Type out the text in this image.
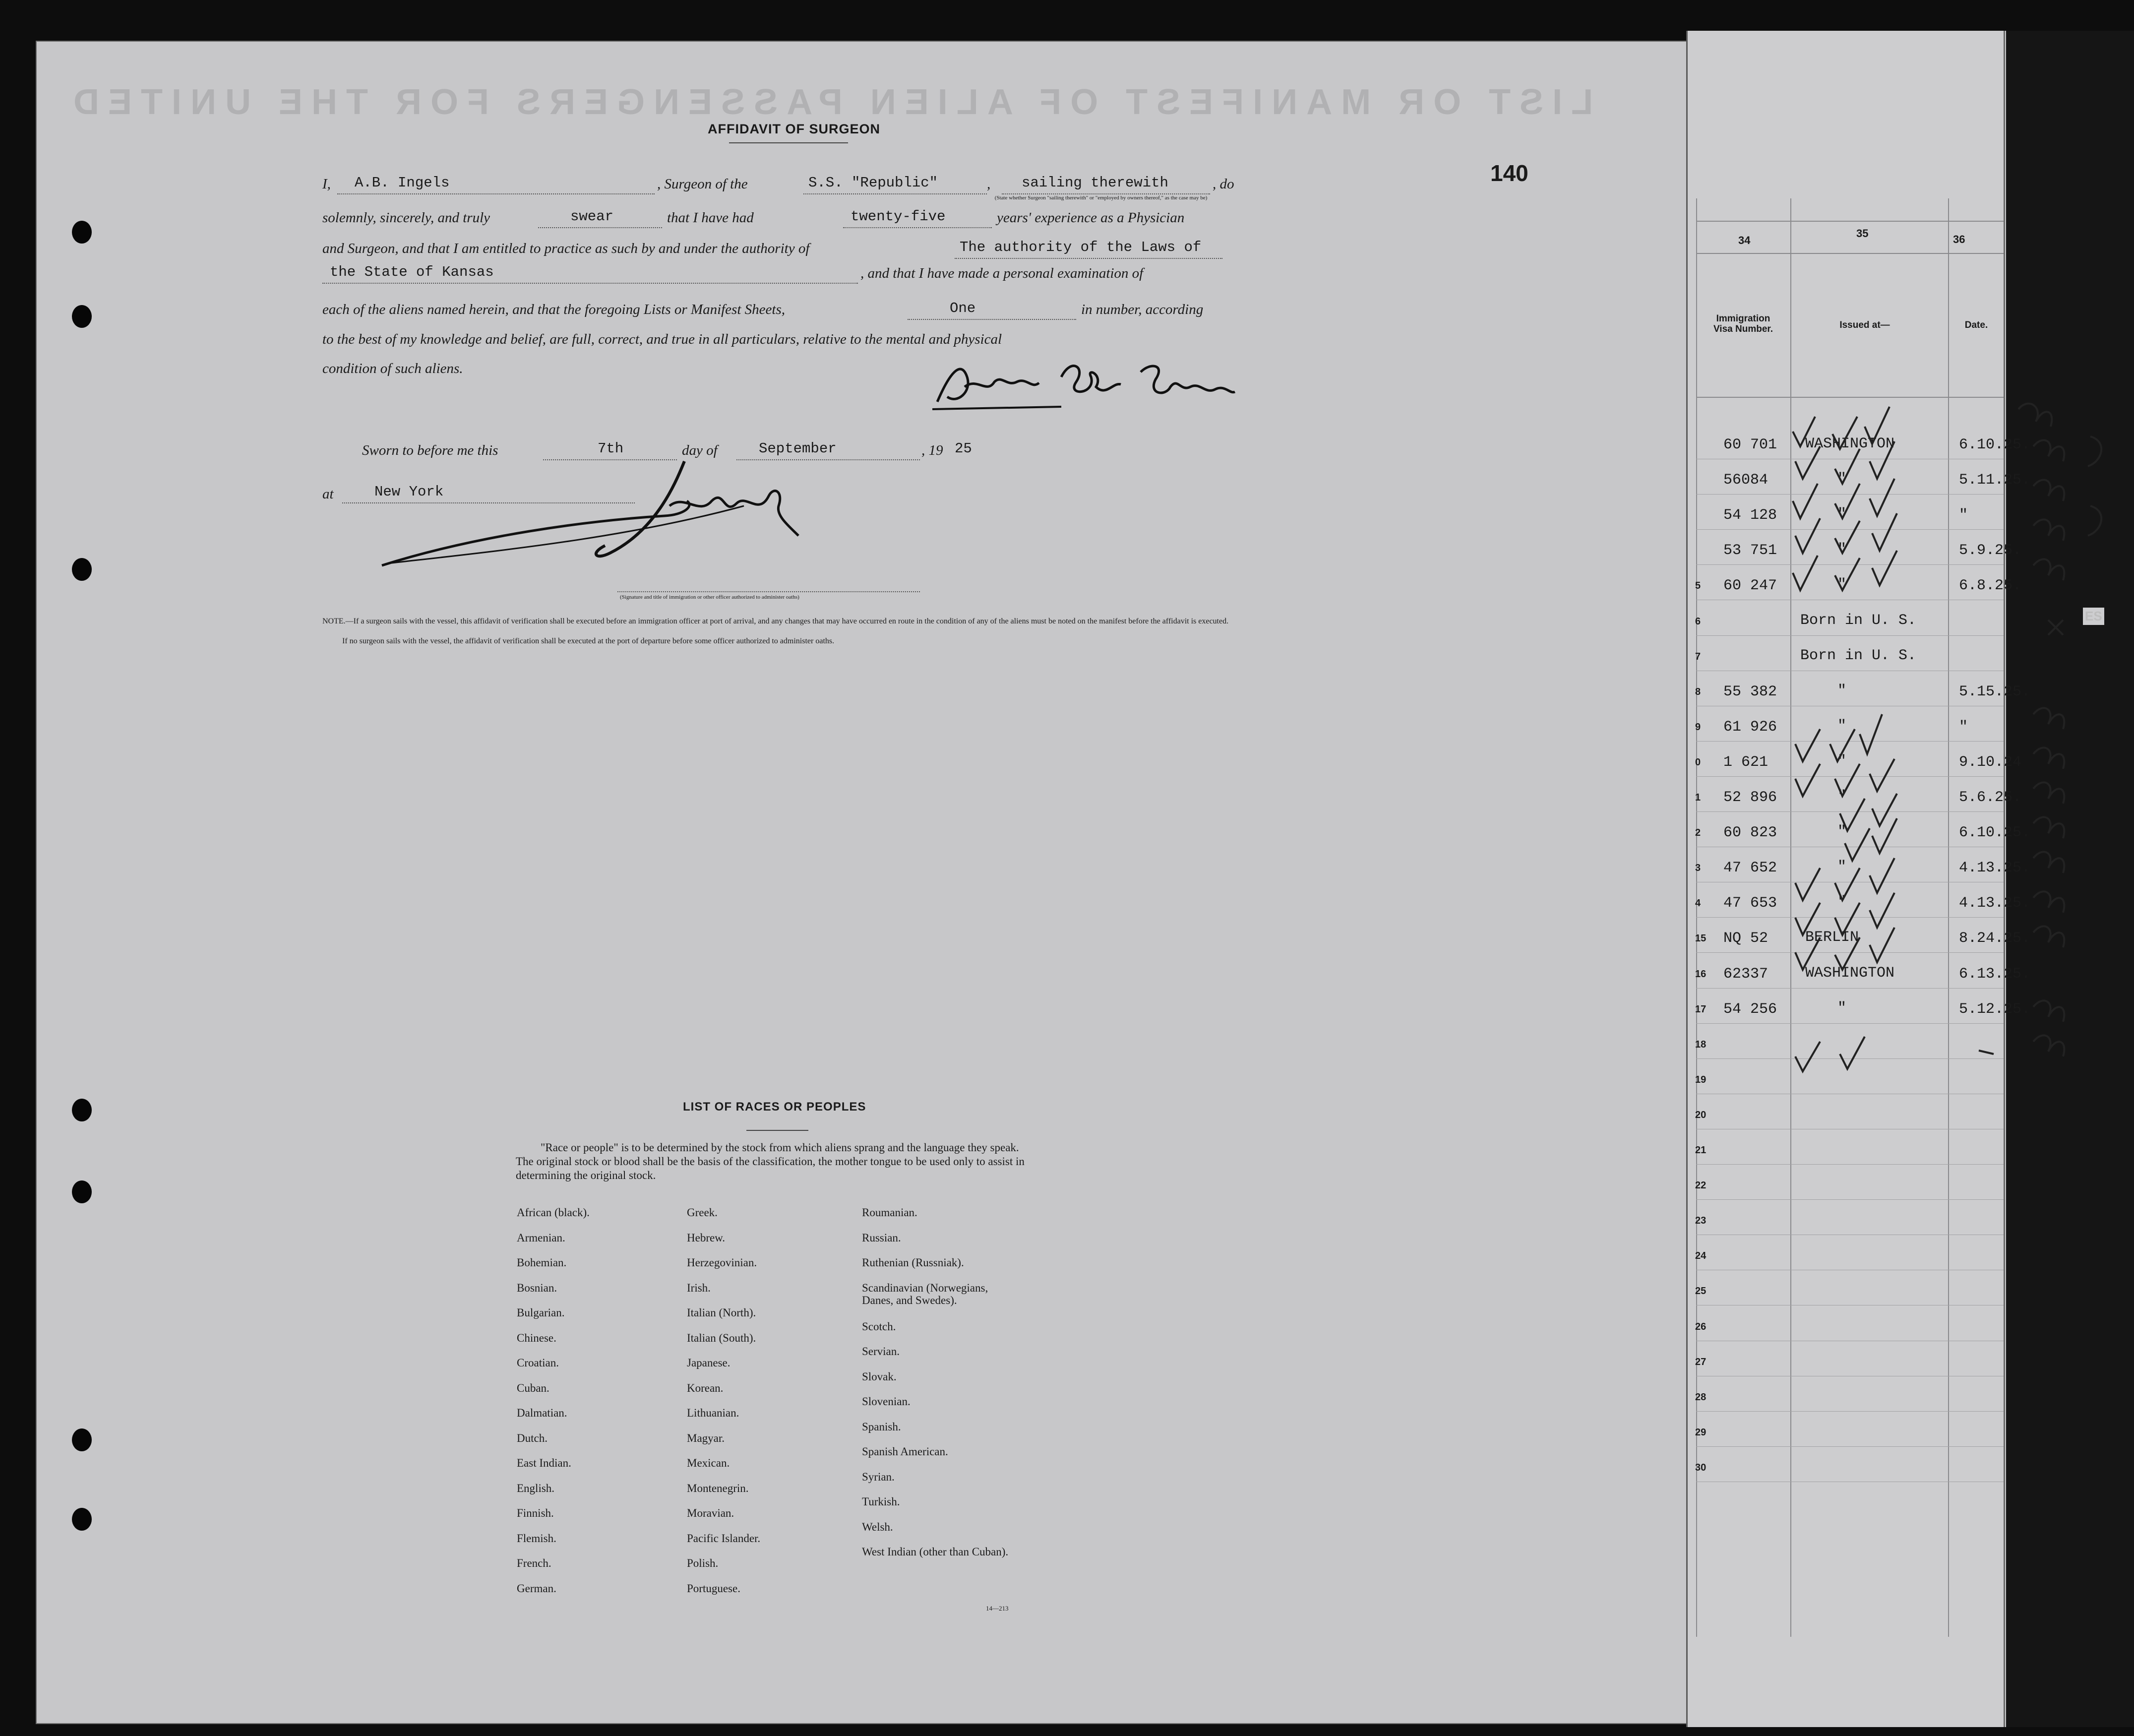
LIST OR MANIFEST OF ALIEN PASSENGERS FOR THE UNITED
140
AFFIDAVIT OF SURGEON
I, A.B. Ingels	, Surgeon of the	S.S. "Republic"	, sailing therewith	, do
(State whether Surgeon "sailing therewith" or "employed by owners thereof," as the case may be)
solemnly, sincerely, and truly	swear	that I have had	twenty-five	years' experience as a Physician
and Surgeon, and that I am entitled to practice as such by and under the authority of	The authority of the Laws of
the State of Kansas	, and that I have made a personal examination of
each of the aliens named herein, and that the foregoing Lists or Manifest Sheets,	One	in number, according
to the best of my knowledge and belief, are full, correct, and true in all particulars, relative to the mental and physical
condition of such aliens.
Sworn to before me this	7th	day of	September	, 19 25
at	New York
(Signature and title of immigration or other officer authorized to administer oaths)
NOTE.—If a surgeon sails with the vessel, this affidavit of verification shall be executed before an immigration officer at port of arrival, and any changes that may have occurred en route in the condition of any of the aliens must be noted on the manifest before the affidavit is executed.
If no surgeon sails with the vessel, the affidavit of verification shall be executed at the port of departure before some officer authorized to administer oaths.
LIST OF RACES OR PEOPLES
"Race or people" is to be determined by the stock from which aliens sprang and the language they speak. The original stock or blood shall be the basis of the classification, the mother tongue to be used only to assist in determining the original stock.
African (black).
Armenian.
Bohemian.
Bosnian.
Bulgarian.
Chinese.
Croatian.
Cuban.
Dalmatian.
Dutch.
East Indian.
English.
Finnish.
Flemish.
French.
German.
Greek.
Hebrew.
Herzegovinian.
Irish.
Italian (North).
Italian (South).
Japanese.
Korean.
Lithuanian.
Magyar.
Mexican.
Montenegrin.
Moravian.
Pacific Islander.
Polish.
Portuguese.
Roumanian.
Russian.
Ruthenian (Russniak).
Scandinavian (Norwegians, Danes, and Swedes).
Scotch.
Servian.
Slovak.
Slovenian.
Spanish.
Spanish American.
Syrian.
Turkish.
Welsh.
West Indian (other than Cuban).
14—213
34
35	36
Immigration Visa Number.	Issued at—	Date.
ES
60 701 WASHINGTON	6.10.25.
56084	"	5.11.25.
54 128	"	"
53 751	"	5.9.25.
5 60 247	"	6.8.25.
6	Born in U. S.
7	Born in U. S.
8 55 382	"	5.15.25.
9 61 926	"	"
0 1 621	"	9.10.24
1 52 896	"	5.6.25.
2 60 823	"	6.10.25.
3 47 652	"	4.13.25.
4 47 653	"	4.13.25.
15 NQ 52 BERLIN	8.24.25.
16 62337 WASHINGTON	6.13.25.
17 54 256	"	5.12.25.
18
19
20
21
22
23
24
25
26
27
28
29
30
